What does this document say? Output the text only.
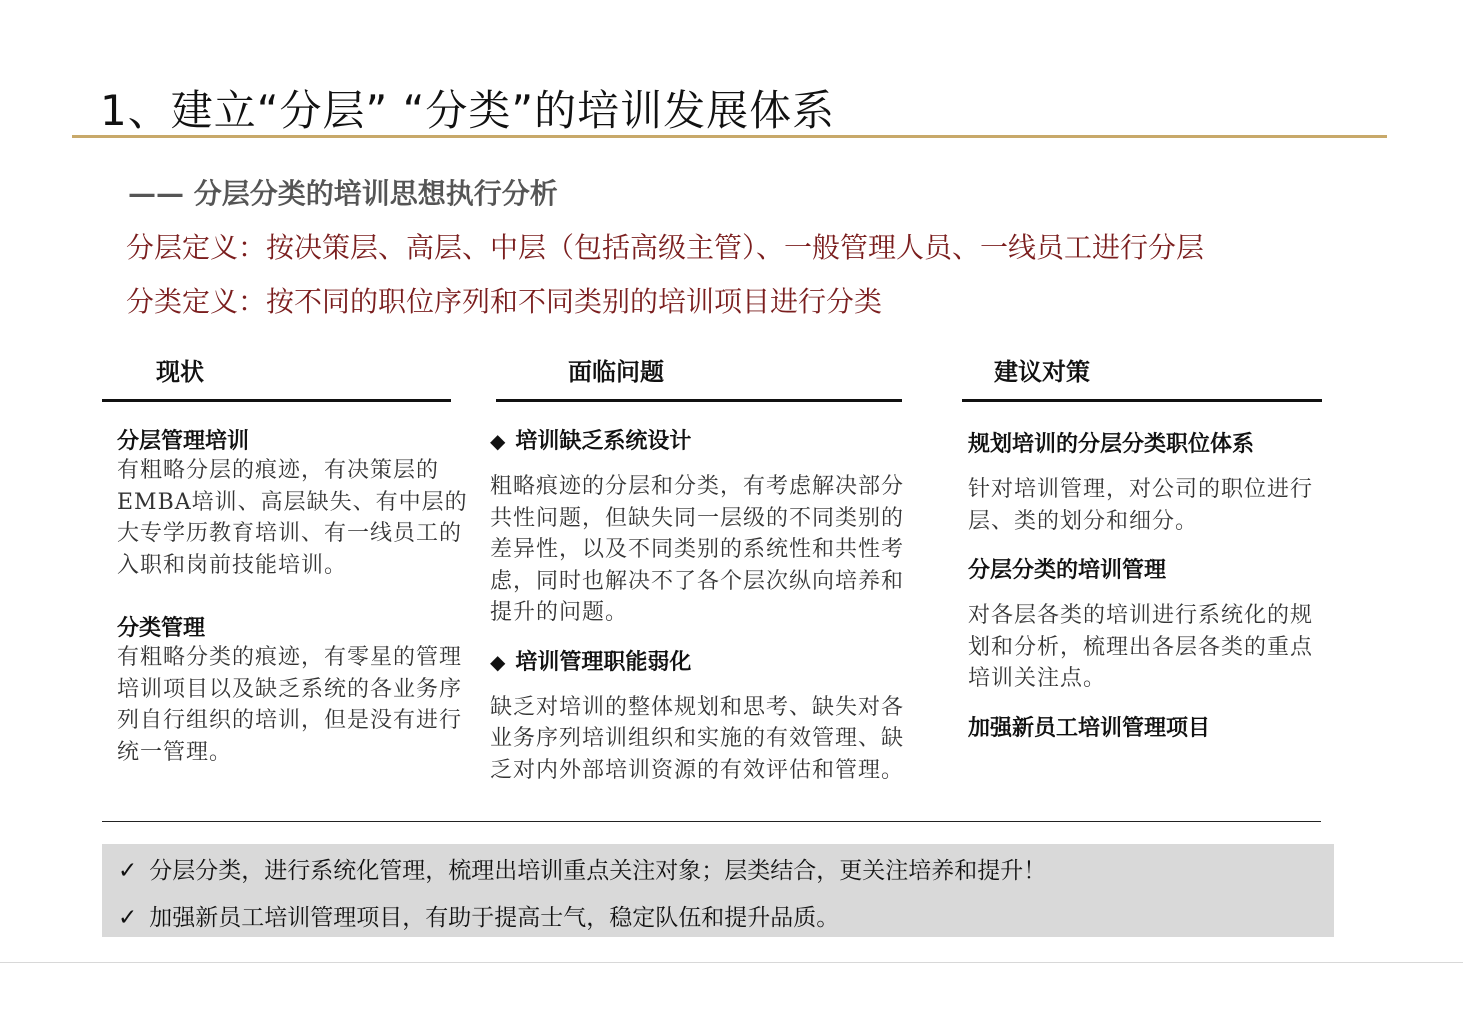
1、建立“分层” “分类”的培训发展体系
—— 分层分类的培训思想执行分析
分层定义：按决策层、高层、中层（包括高级主管）、一般管理人员、一线员工进行分层
分类定义：按不同的职位序列和不同类别的培训项目进行分类
现状	面临问题	建议对策
分层管理培训
有粗略分层的痕迹，有决策层的EMBA培训、高层缺失、有中层的大专学历教育培训、有一线员工的入职和岗前技能培训。
分类管理
有粗略分类的痕迹，有零星的管理培训项目以及缺乏系统的各业务序列自行组织的培训，但是没有进行统一管理。
◆ 培训缺乏系统设计
粗略痕迹的分层和分类，有考虑解决部分共性问题，但缺失同一层级的不同类别的差异性，以及不同类别的系统性和共性考虑，同时也解决不了各个层次纵向培养和提升的问题。
◆ 培训管理职能弱化
缺乏对培训的整体规划和思考、缺失对各业务序列培训组织和实施的有效管理、缺乏对内外部培训资源的有效评估和管理。
规划培训的分层分类职位体系
针对培训管理，对公司的职位进行层、类的划分和细分。
分层分类的培训管理
对各层各类的培训进行系统化的规划和分析，梳理出各层各类的重点培训关注点。
加强新员工培训管理项目
✓ 分层分类，进行系统化管理，梳理出培训重点关注对象；层类结合，更关注培养和提升！
✓ 加强新员工培训管理项目，有助于提高士气，稳定队伍和提升品质。
